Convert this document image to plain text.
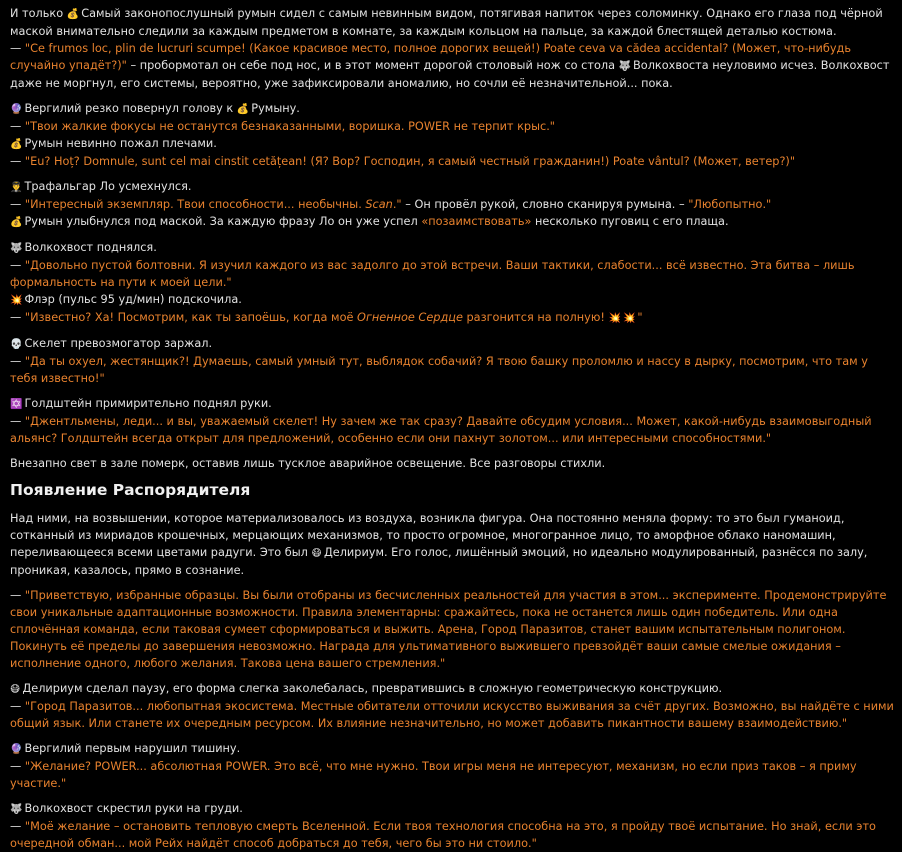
И только 💰 Самый законопослушный румын сидел с самым невинным видом, потягивая напиток через соломинку. Однако его глаза под чёрной маской внимательно следили за каждым предметом в комнате, за каждым кольцом на пальце, за каждой блестящей деталью костюма.
— "Ce frumos loc, plin de lucruri scumpe! (Какое красивое место, полное дорогих вещей!) Poate ceva va cădea accidental? (Может, что-нибудь случайно упадёт?)" – пробормотал он себе под нос, и в этот момент дорогой столовый нож со стола 🐺 Волкохвоста неуловимо исчез. Волкохвост даже не моргнул, его системы, вероятно, уже зафиксировали аномалию, но сочли её незначительной... пока.

🔮 Вергилий резко повернул голову к 💰 Румыну.
— "Твои жалкие фокусы не останутся безнаказанными, воришка. POWER не терпит крыс."
💰 Румын невинно пожал плечами.
— "Eu? Hoț? Domnule, sunt cel mai cinstit cetățean! (Я? Вор? Господин, я самый честный гражданин!) Poate vântul? (Может, ветер?)"

👨‍✈️ Трафальгар Ло усмехнулся.
— "Интересный экземпляр. Твои способности... необычны. Scan." – Он провёл рукой, словно сканируя румына. – "Любопытно."
💰 Румын улыбнулся под маской. За каждую фразу Ло он уже успел «позаимствовать» несколько пуговиц с его плаща.

🐺 Волкохвост поднялся.
— "Довольно пустой болтовни. Я изучил каждого из вас задолго до этой встречи. Ваши тактики, слабости... всё известно. Эта битва – лишь формальность на пути к моей цели."
💥 Флэр (пульс 95 уд/мин) подскочила.
— "Известно? Ха! Посмотрим, как ты запоёшь, когда моё Огненное Сердце разгонится на полную! 💥 💥 "

💀 Скелет превозмогатор заржал.
— "Да ты охуел, жестянщик?! Думаешь, самый умный тут, выблядок собачий? Я твою башку проломлю и нассу в дырку, посмотрим, что там у тебя известно!"

✡️ Голдштейн примирительно поднял руки.
— "Джентльмены, леди... и вы, уважаемый скелет! Ну зачем же так сразу? Давайте обсудим условия... Может, какой-нибудь взаимовыгодный альянс? Голдштейн всегда открыт для предложений, особенно если они пахнут золотом... или интересными способностями."

Внезапно свет в зале померк, оставив лишь тусклое аварийное освещение. Все разговоры стихли.

Появление Распорядителя

Над ними, на возвышении, которое материализовалось из воздуха, возникла фигура. Она постоянно меняла форму: то это был гуманоид, сотканный из мириадов крошечных, мерцающих механизмов, то просто огромное, многогранное лицо, то аморфное облако наномашин, переливающееся всеми цветами радуги. Это был 😷 Делириум. Его голос, лишённый эмоций, но идеально модулированный, разнёсся по залу, проникая, казалось, прямо в сознание.

— "Приветствую, избранные образцы. Вы были отобраны из бесчисленных реальностей для участия в этом... эксперименте. Продемонстрируйте свои уникальные адаптационные возможности. Правила элементарны: сражайтесь, пока не останется лишь один победитель. Или одна сплочённая команда, если таковая сумеет сформироваться и выжить. Арена, Город Паразитов, станет вашим испытательным полигоном. Покинуть её пределы до завершения невозможно. Награда для ультимативного выжившего превзойдёт ваши самые смелые ожидания – исполнение одного, любого желания. Такова цена вашего стремления."

😷 Делириум сделал паузу, его форма слегка заколебалась, превратившись в сложную геометрическую конструкцию.
— "Город Паразитов... любопытная экосистема. Местные обитатели отточили искусство выживания за счёт других. Возможно, вы найдёте с ними общий язык. Или станете их очередным ресурсом. Их влияние незначительно, но может добавить пикантности вашему взаимодействию."

🔮 Вергилий первым нарушил тишину.
— "Желание? POWER... абсолютная POWER. Это всё, что мне нужно. Твои игры меня не интересуют, механизм, но если приз таков – я приму участие."

🐺 Волкохвост скрестил руки на груди.
— "Моё желание – остановить тепловую смерть Вселенной. Если твоя технология способна на это, я пройду твоё испытание. Но знай, если это очередной обман... мой Рейх найдёт способ добраться до тебя, чего бы это ни стоило."
